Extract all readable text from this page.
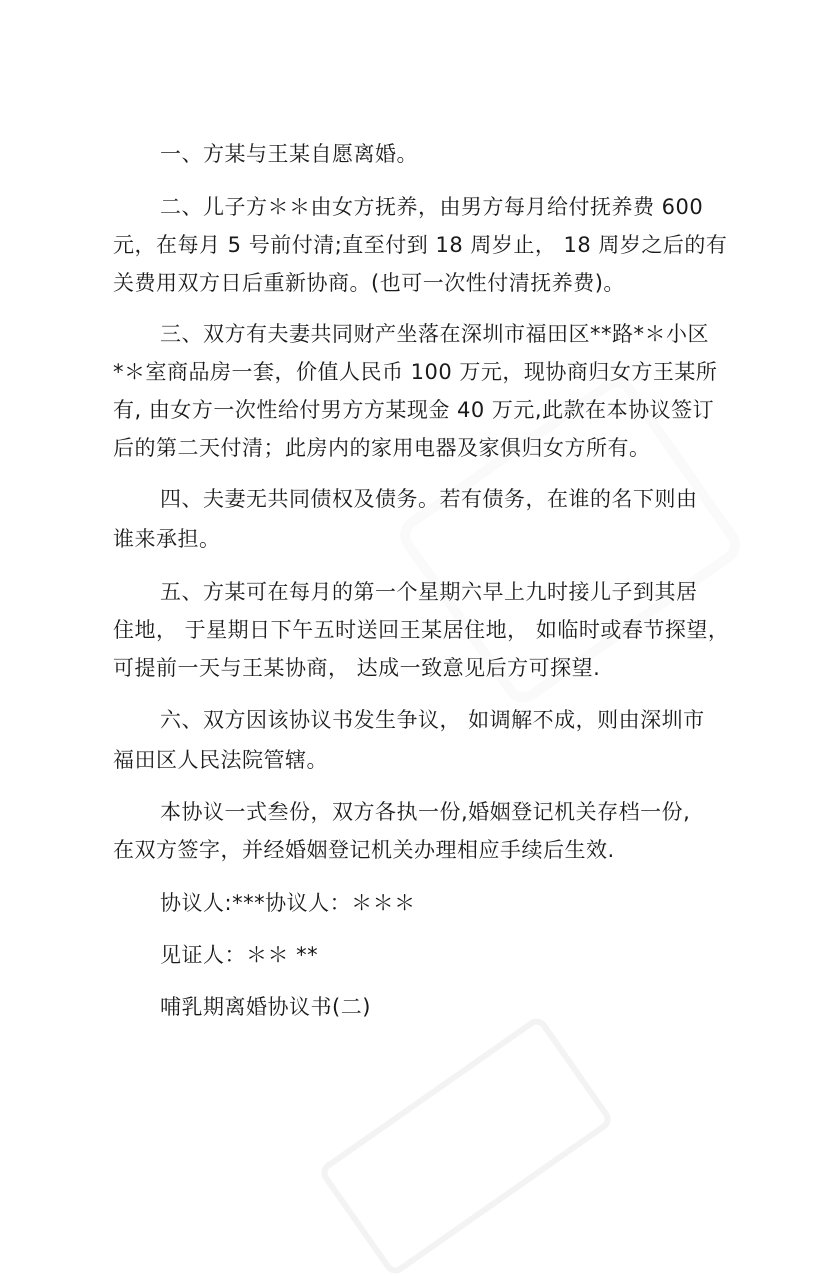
一、方某与王某自愿离婚。
二、儿子方＊＊由女方抚养，由男方每月给付抚养费 600
元，在每月 5 号前付清;直至付到 18 周岁止， 18 周岁之后的有
关费用双方日后重新协商。(也可一次性付清抚养费)。
三、双方有夫妻共同财产坐落在深圳市福田区**路*＊小区
*＊室商品房一套，价值人民币 100 万元，现协商归女方王某所
有, 由女方一次性给付男方方某现金 40 万元,此款在本协议签订
后的第二天付清；此房内的家用电器及家俱归女方所有。
四、夫妻无共同债权及债务。若有债务，在谁的名下则由
谁来承担。
五、方某可在每月的第一个星期六早上九时接儿子到其居
住地， 于星期日下午五时送回王某居住地， 如临时或春节探望，
可提前一天与王某协商， 达成一致意见后方可探望.
六、双方因该协议书发生争议， 如调解不成，则由深圳市
福田区人民法院管辖。
本协议一式叁份，双方各执一份,婚姻登记机关存档一份,
在双方签字，并经婚姻登记机关办理相应手续后生效.
协议人:***协议人：＊＊＊
见证人：＊＊ **
哺乳期离婚协议书(二)
